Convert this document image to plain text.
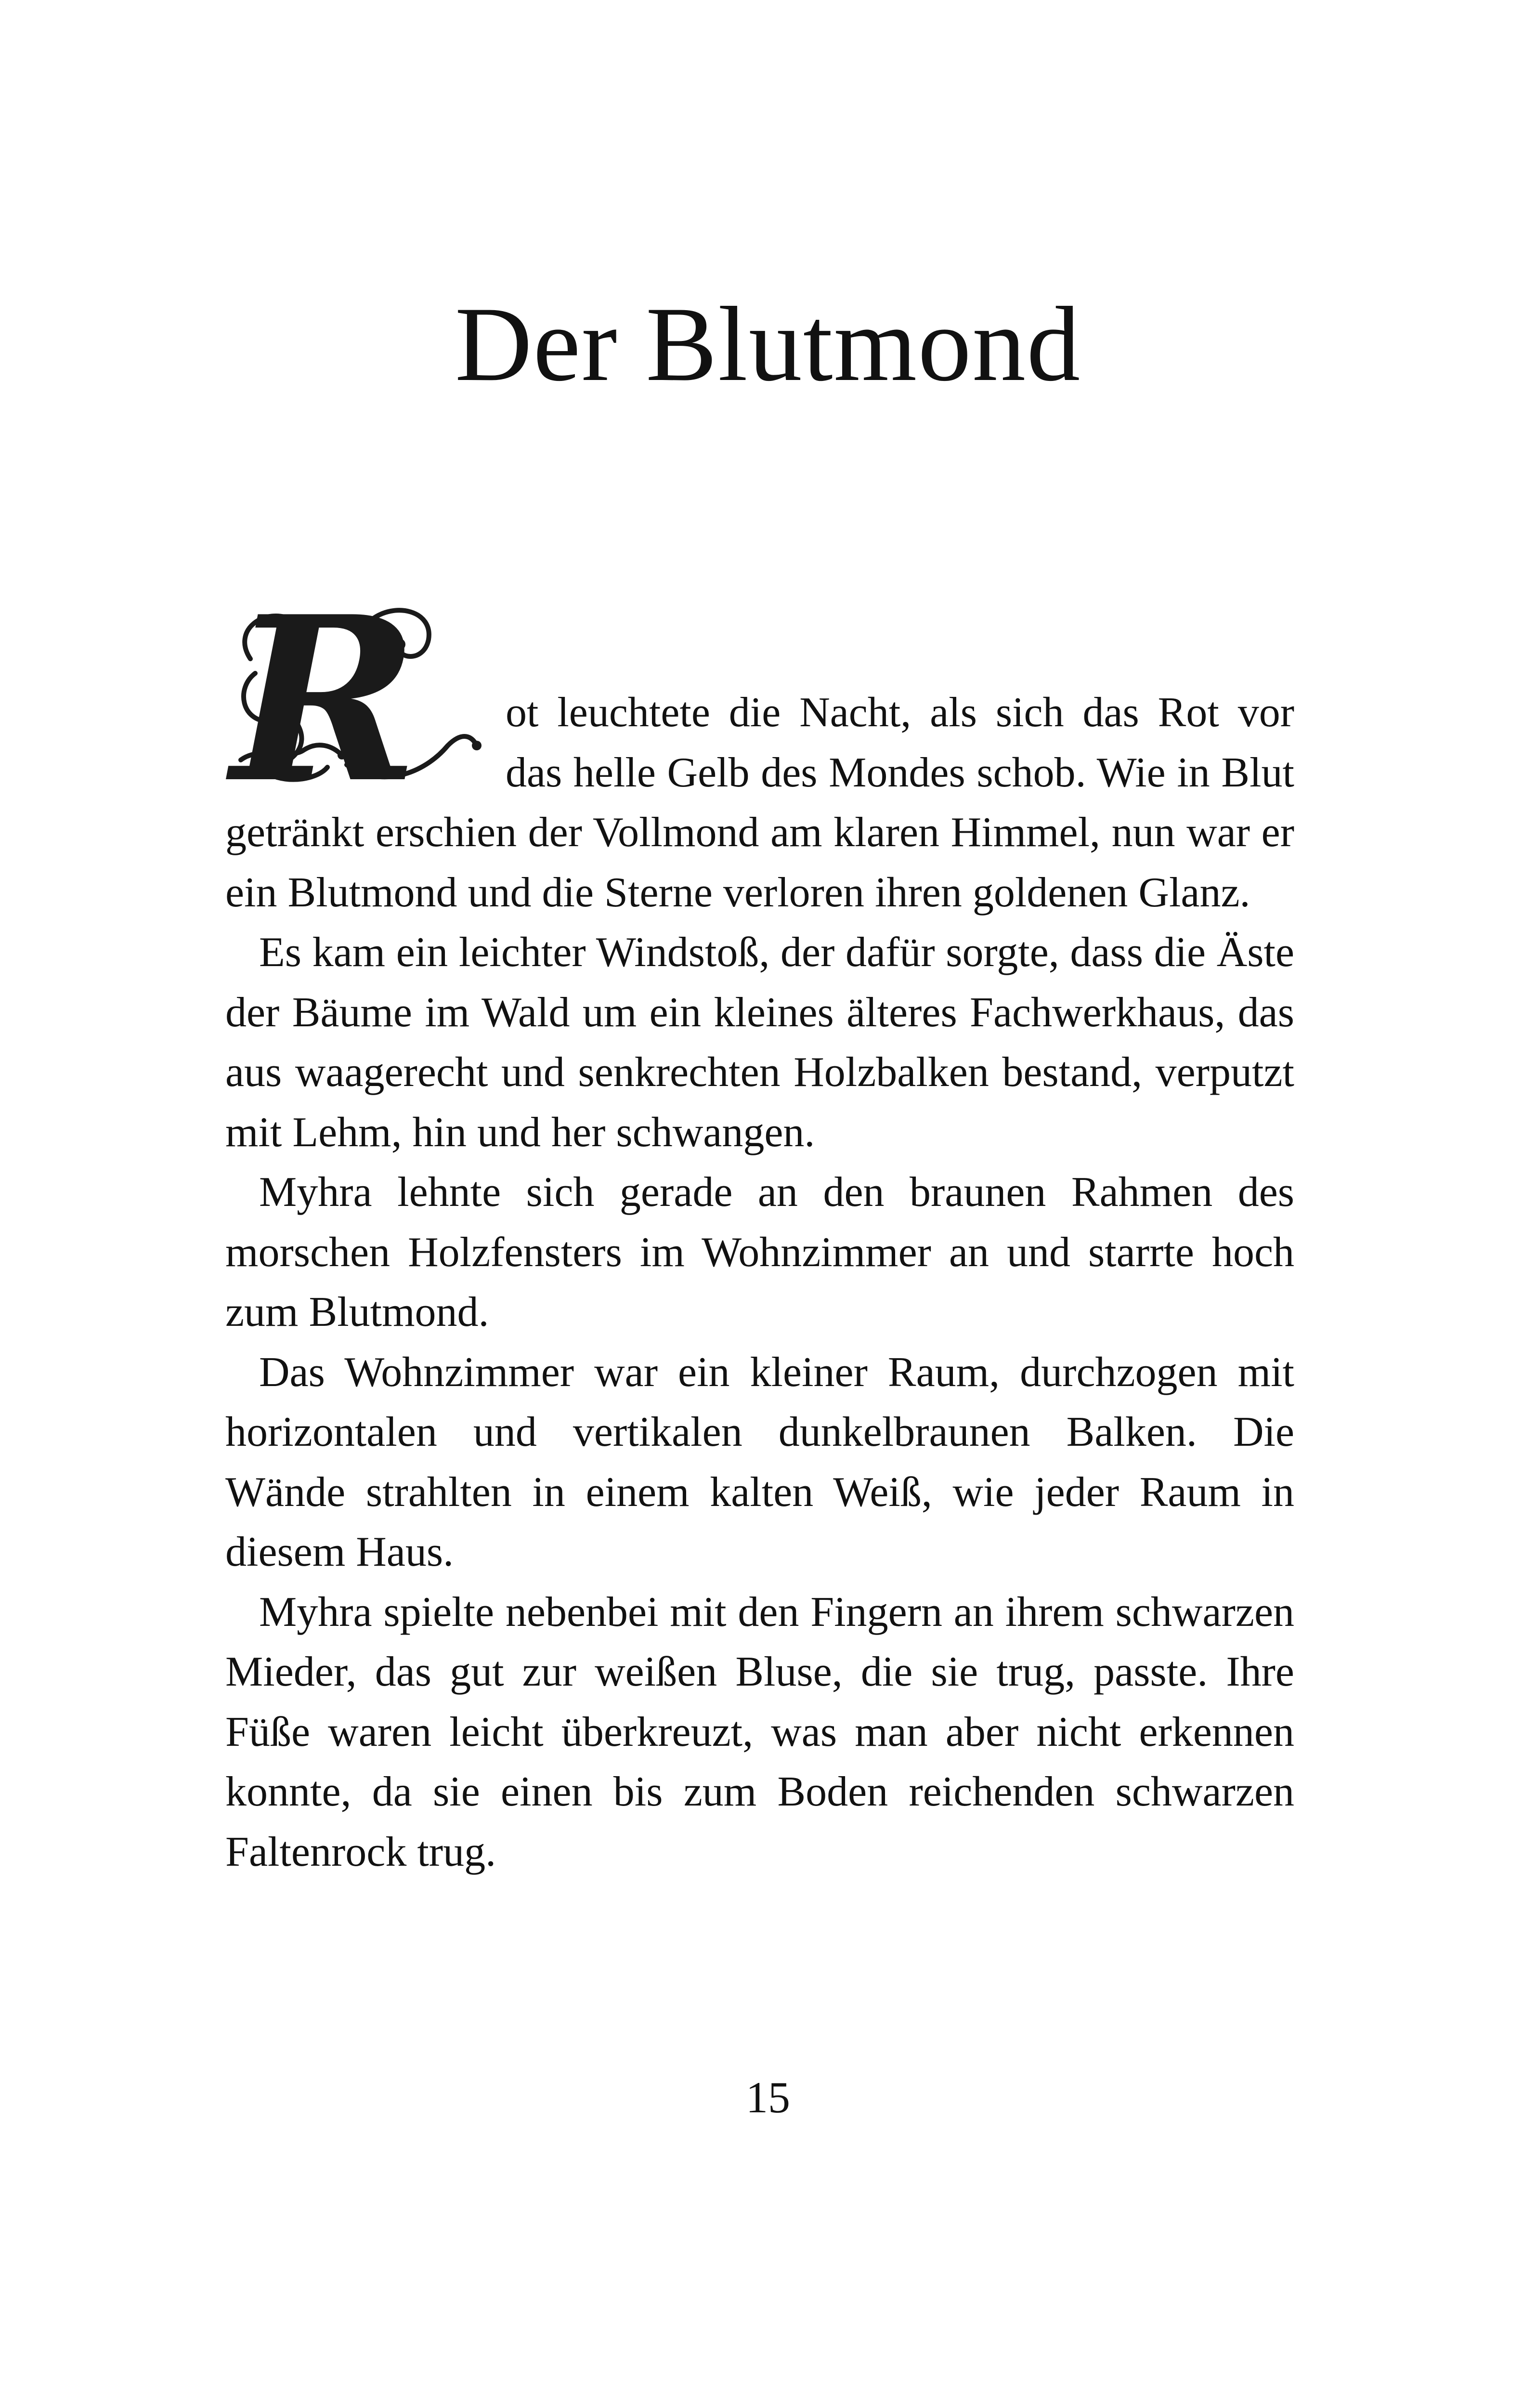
Der Blutmond

R ot leuchtete die Nacht, als sich das Rot vor das helle Gelb des Mondes schob. Wie in Blut getränkt erschien der Vollmond am klaren Himmel, nun war er ein Blutmond und die Sterne verloren ihren goldenen Glanz.

Es kam ein leichter Windstoß, der dafür sorgte, dass die Äste der Bäume im Wald um ein kleines älteres Fachwerkhaus, das aus waagerecht und senkrechten Holzbalken bestand, verputzt mit Lehm, hin und her schwangen.

Myhra lehnte sich gerade an den braunen Rahmen des morschen Holzfensters im Wohnzimmer an und starrte hoch zum Blutmond.

Das Wohnzimmer war ein kleiner Raum, durchzogen mit horizontalen und vertikalen dunkelbraunen Balken. Die Wände strahlten in einem kalten Weiß, wie jeder Raum in diesem Haus.

Myhra spielte nebenbei mit den Fingern an ihrem schwarzen Mieder, das gut zur weißen Bluse, die sie trug, passte. Ihre Füße waren leicht überkreuzt, was man aber nicht erkennen konnte, da sie einen bis zum Boden reichenden schwarzen Faltenrock trug.

15
